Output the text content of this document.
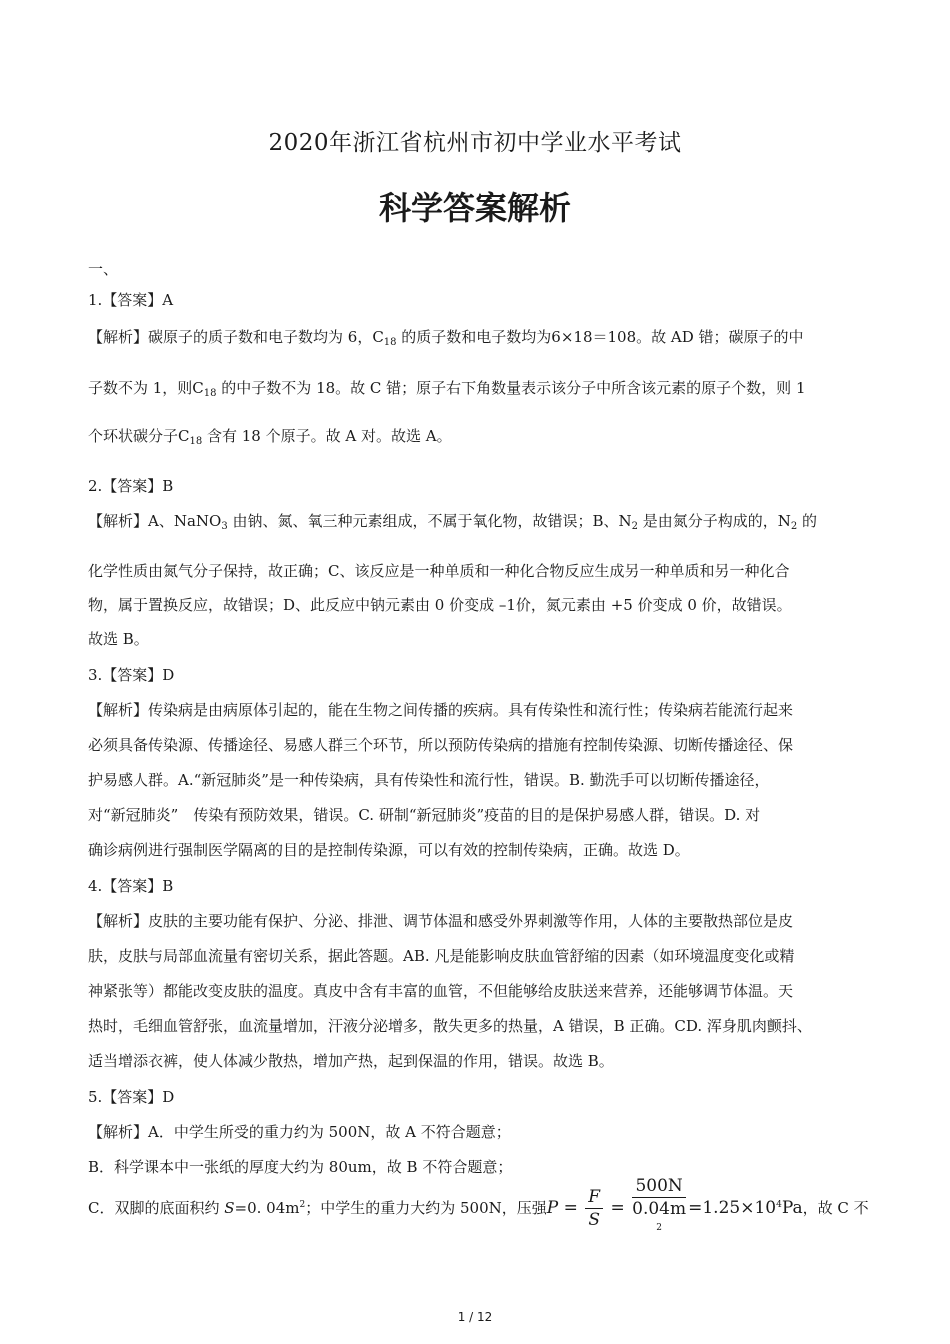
2020年浙江省杭州市初中学业水平考试
科学答案解析
一、
1.【答案】A
【解析】碳原子的质子数和电子数均为 6，$C_{18}$ 的质子数和电子数均为6×18＝108。故 AD 错；碳原子的中
子数不为 1，则$C_{18}$ 的中子数不为 18。故 C 错；原子右下角数量表示该分子中所含该元素的原子个数，则 1
个环状碳分子$C_{18}$ 含有 18 个原子。故 A 对。故选 A。
2.【答案】B
【解析】A、NaNO$_3$ 由钠、氮、氧三种元素组成，不属于氧化物，故错误；B、$N_2$ 是由氮分子构成的，$N_2$ 的
化学性质由氮气分子保持，故正确；C、该反应是一种单质和一种化合物反应生成另一种单质和另一种化合
物，属于置换反应，故错误；D、此反应中钠元素由 0 价变成 –1价，氮元素由 +5 价变成 0 价，故错误。
故选 B。
3.【答案】D
【解析】传染病是由病原体引起的，能在生物之间传播的疾病。具有传染性和流行性；传染病若能流行起来
必须具备传染源、传播途径、易感人群三个环节，所以预防传染病的措施有控制传染源、切断传播途径、保
护易感人群。A.“新冠肺炎”是一种传染病，具有传染性和流行性，错误。B. 勤洗手可以切断传播途径，
对“新冠肺炎”　传染有预防效果，错误。C. 研制“新冠肺炎”疫苗的目的是保护易感人群，错误。D. 对
确诊病例进行强制医学隔离的目的是控制传染源，可以有效的控制传染病，正确。故选 D。
4.【答案】B
【解析】皮肤的主要功能有保护、分泌、排泄、调节体温和感受外界刺激等作用，人体的主要散热部位是皮
肤，皮肤与局部血流量有密切关系，据此答题。AB. 凡是能影响皮肤血管舒缩的因素（如环境温度变化或精
神紧张等）都能改变皮肤的温度。真皮中含有丰富的血管，不但能够给皮肤送来营养，还能够调节体温。天
热时，毛细血管舒张，血流量增加，汗液分泌增多，散失更多的热量，A 错误，B 正确。CD. 浑身肌肉颤抖、
适当增添衣裤，使人体减少散热，增加产热，起到保温的作用，错误。故选 B。
5.【答案】D
【解析】A．中学生所受的重力约为 500N，故 A 不符合题意；
B．科学课本中一张纸的厚度大约为 80um，故 B 不符合题意；
C．双脚的底面积约 S=0. $04m^2$；中学生的重力大约为 500N，压强$P = \frac{F}{S} = 500N$
0.04m
$^2 =1.25\times 10^4Pa$，故 C 不
1 / 12
